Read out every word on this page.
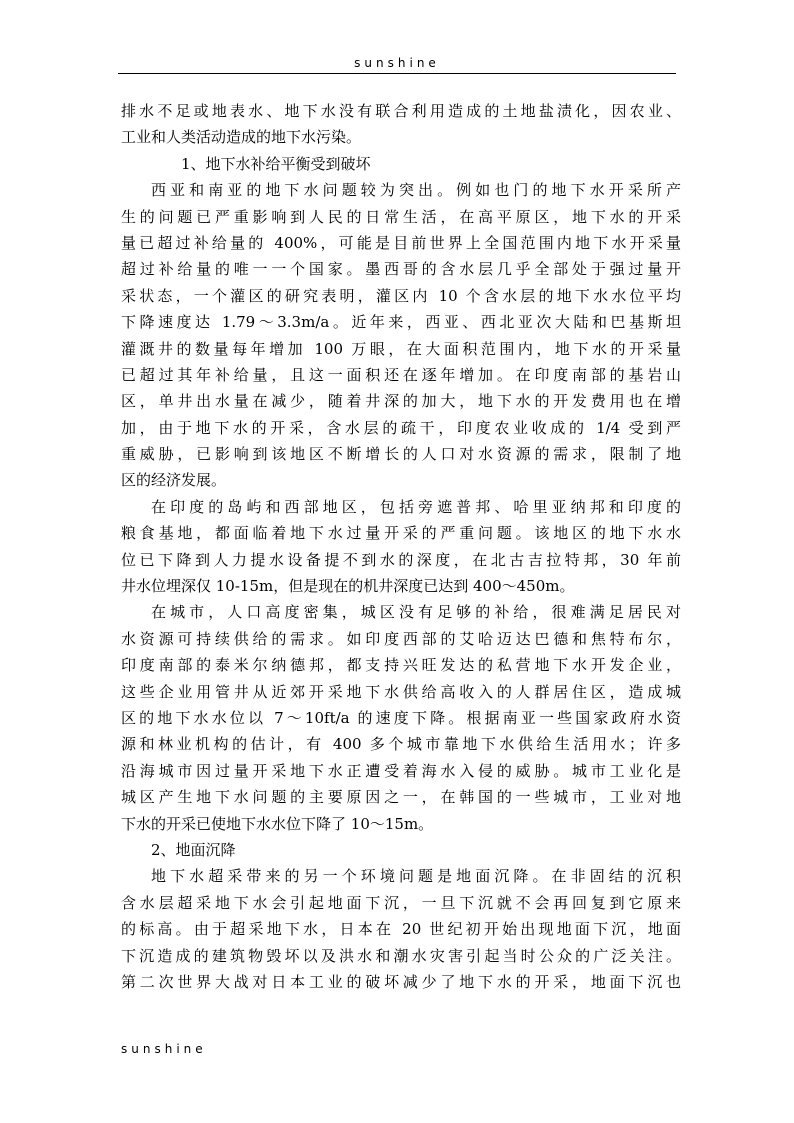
sunshine
排水不足或地表水、地下水没有联合利用造成的土地盐渍化，因农业、
工业和人类活动造成的地下水污染。
1、地下水补给平衡受到破坏
西亚和南亚的地下水问题较为突出。例如也门的地下水开采所产
生的问题已严重影响到人民的日常生活，在高平原区，地下水的开采
量已超过补给量的 400%，可能是目前世界上全国范围内地下水开采量
超过补给量的唯一一个国家。墨西哥的含水层几乎全部处于强过量开
采状态，一个灌区的研究表明，灌区内 10 个含水层的地下水水位平均
下降速度达 1.79～3.3m/a。近年来，西亚、西北亚次大陆和巴基斯坦
灌溉井的数量每年增加 100 万眼，在大面积范围内，地下水的开采量
已超过其年补给量，且这一面积还在逐年增加。在印度南部的基岩山
区，单井出水量在减少，随着井深的加大，地下水的开发费用也在增
加，由于地下水的开采，含水层的疏干，印度农业收成的 1/4 受到严
重威胁，已影响到该地区不断增长的人口对水资源的需求，限制了地
区的经济发展。
在印度的岛屿和西部地区，包括旁遮普邦、哈里亚纳邦和印度的
粮食基地，都面临着地下水过量开采的严重问题。该地区的地下水水
位已下降到人力提水设备提不到水的深度，在北古吉拉特邦，30 年前
井水位埋深仅 10-15m，但是现在的机井深度已达到 400～450m。
在城市，人口高度密集，城区没有足够的补给，很难满足居民对
水资源可持续供给的需求。如印度西部的艾哈迈达巴德和焦特布尔，
印度南部的泰米尔纳德邦，都支持兴旺发达的私营地下水开发企业，
这些企业用管井从近郊开采地下水供给高收入的人群居住区，造成城
区的地下水水位以 7～10ft/a 的速度下降。根据南亚一些国家政府水资
源和林业机构的估计，有 400 多个城市靠地下水供给生活用水；许多
沿海城市因过量开采地下水正遭受着海水入侵的威胁。城市工业化是
城区产生地下水问题的主要原因之一，在韩国的一些城市，工业对地
下水的开采已使地下水水位下降了 10～15m。
2、地面沉降
地下水超采带来的另一个环境问题是地面沉降。在非固结的沉积
含水层超采地下水会引起地面下沉，一旦下沉就不会再回复到它原来
的标高。由于超采地下水，日本在 20 世纪初开始出现地面下沉，地面
下沉造成的建筑物毁坏以及洪水和潮水灾害引起当时公众的广泛关注。
第二次世界大战对日本工业的破坏减少了地下水的开采，地面下沉也
sunshine
